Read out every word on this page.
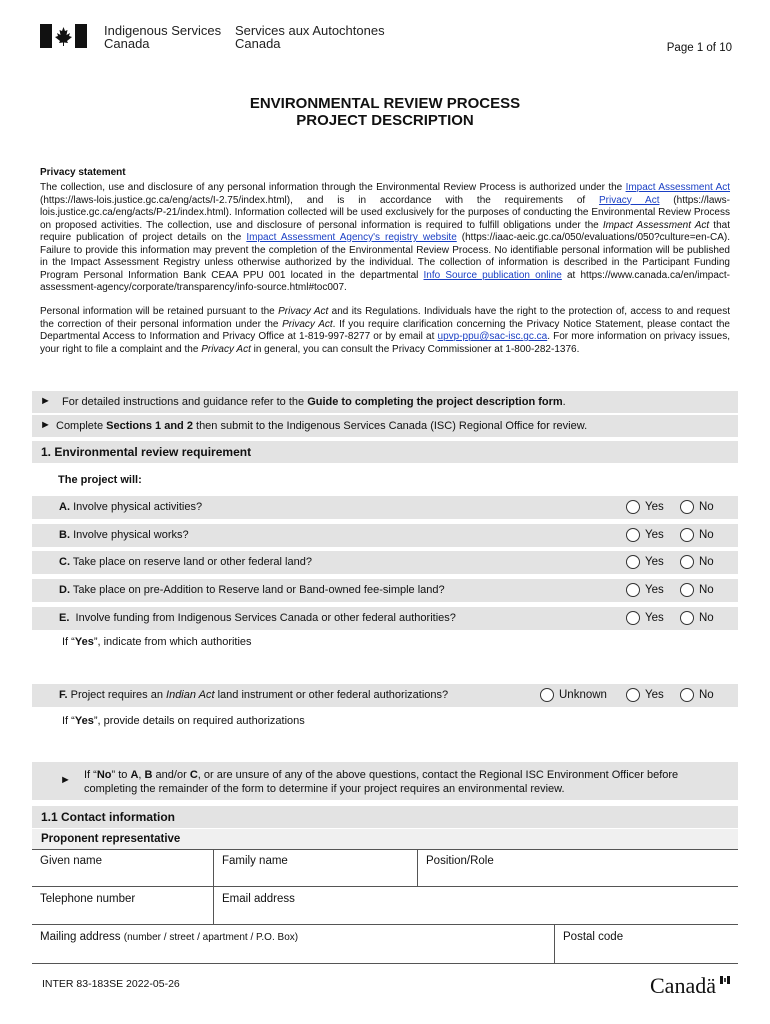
Indigenous Services
Canada
Services aux Autochtones
Canada	Page 1 of 10
ENVIRONMENTAL REVIEW PROCESS
PROJECT DESCRIPTION
Privacy statement
The collection, use and disclosure of any personal information through the Environmental Review Process is authorized under the Impact Assessment Act (https://laws-lois.justice.gc.ca/eng/acts/I-2.75/index.html), and is in accordance with the requirements of Privacy Act (https://laws-lois.justice.gc.ca/eng/acts/P-21/index.html). Information collected will be used exclusively for the purposes of conducting the Environmental Review Process on proposed activities. The collection, use and disclosure of personal information is required to fulfill obligations under the Impact Assessment Act that require publication of project details on the Impact Assessment Agency's registry website (https://iaac-aeic.gc.ca/050/evaluations/050?culture=en-CA). Failure to provide this information may prevent the completion of the Environmental Review Process. No identifiable personal information will be published in the Impact Assessment Registry unless otherwise authorized by the individual. The collection of information is described in the Participant Funding Program Personal Information Bank CEAA PPU 001 located in the departmental Info Source publication online at https://www.canada.ca/en/impact-assessment-agency/corporate/transparency/info-source.html#toc007.
Personal information will be retained pursuant to the Privacy Act and its Regulations. Individuals have the right to the protection of, access to and request the correction of their personal information under the Privacy Act. If you require clarification concerning the Privacy Notice Statement, please contact the Departmental Access to Information and Privacy Office at 1-819-997-8277 or by email at upvp-ppu@sac-isc.gc.ca. For more information on privacy issues, your right to file a complaint and the Privacy Act in general, you can consult the Privacy Commissioner at 1-800-282-1376.
► For detailed instructions and guidance refer to the Guide to completing the project description form.
► Complete Sections 1 and 2 then submit to the Indigenous Services Canada (ISC) Regional Office for review.
1. Environmental review requirement
The project will:
A. Involve physical activities?	Yes	No
B. Involve physical works?	Yes	No
C. Take place on reserve land or other federal land?	Yes	No
D. Take place on pre-Addition to Reserve land or Band-owned fee-simple land?	Yes	No
E. Involve funding from Indigenous Services Canada or other federal authorities?	Yes	No
If “Yes”, indicate from which authorities
F. Project requires an Indian Act land instrument or other federal authorizations?	Unknown	Yes	No
If “Yes”, provide details on required authorizations
► If “No” to A, B and/or C, or are unsure of any of the above questions, contact the Regional ISC Environment Officer before completing the remainder of the form to determine if your project requires an environmental review.
1.1 Contact information
Proponent representative
Given name	Family name	Position/Role
Telephone number	Email address
Mailing address (number / street / apartment / P.O. Box)	Postal code
INTER 83-183SE 2022-05-26	Canadä
